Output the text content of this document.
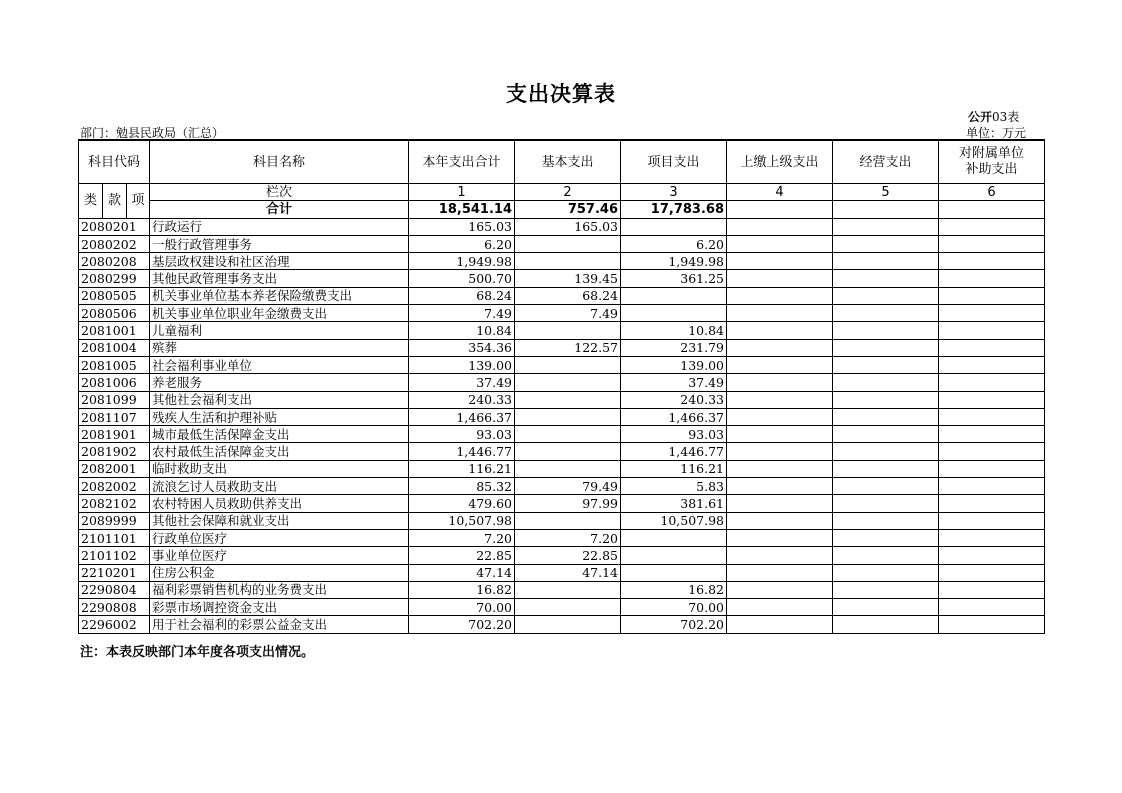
支出决算表
公开03表
部门：勉县民政局（汇总）	单位：万元
科目代码			科目名称	本年支出合计	基本支出	项目支出	上缴上级支出	经营支出	对附属单位
补助支出

类	款	项	栏次	1	2	3	4	5	6
			合计	18,541.14	757.46	17,783.68			
2080201			行政运行	165.03	165.03				
2080202			一般行政管理事务	6.20		6.20			
2080208			基层政权建设和社区治理	1,949.98		1,949.98			
2080299			其他民政管理事务支出	500.70	139.45	361.25			
2080505			机关事业单位基本养老保险缴费支出	68.24	68.24				
2080506			机关事业单位职业年金缴费支出	7.49	7.49				
2081001			儿童福利	10.84		10.84			
2081004			殡葬	354.36	122.57	231.79			
2081005			社会福利事业单位	139.00		139.00			
2081006			养老服务	37.49		37.49			
2081099			其他社会福利支出	240.33		240.33			
2081107			残疾人生活和护理补贴	1,466.37		1,466.37			
2081901			城市最低生活保障金支出	93.03		93.03			
2081902			农村最低生活保障金支出	1,446.77		1,446.77			
2082001			临时救助支出	116.21		116.21			
2082002			流浪乞讨人员救助支出	85.32	79.49	5.83			
2082102			农村特困人员救助供养支出	479.60	97.99	381.61			
2089999			其他社会保障和就业支出	10,507.98		10,507.98			
2101101			行政单位医疗	7.20	7.20				
2101102			事业单位医疗	22.85	22.85				
2210201			住房公积金	47.14	47.14				
2290804			福利彩票销售机构的业务费支出	16.82		16.82			
2290808			彩票市场调控资金支出	70.00		70.00			
2296002			用于社会福利的彩票公益金支出	702.20		702.20			
注：本表反映部门本年度各项支出情况。
